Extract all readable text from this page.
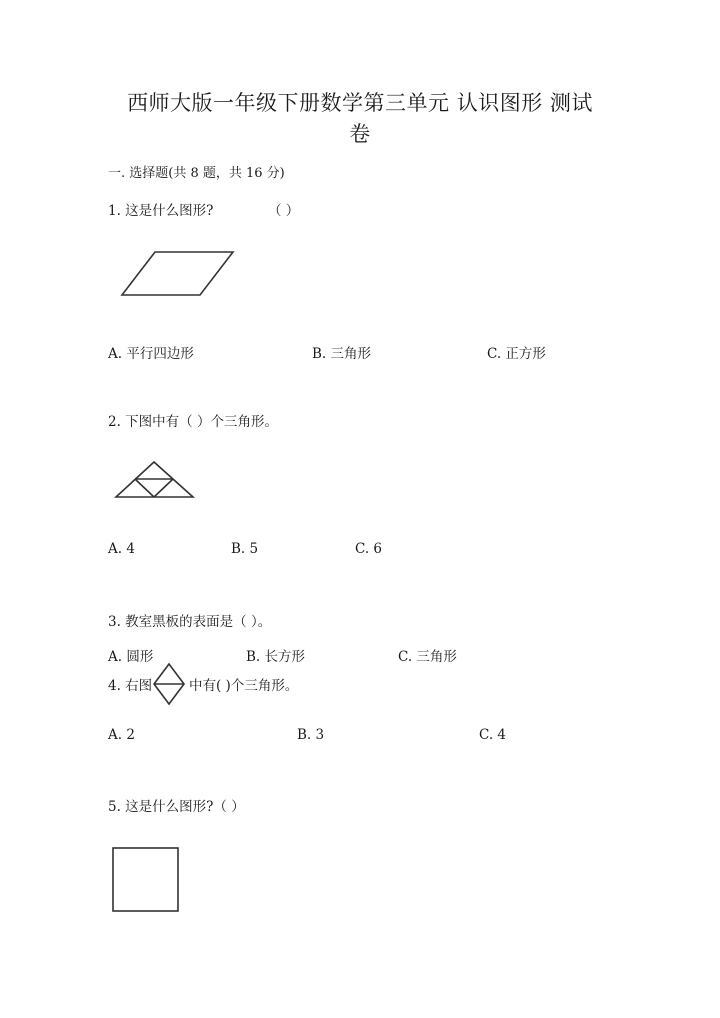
西师大版一年级下册数学第三单元 认识图形 测试
卷
一. 选择题(共 8 题，共 16 分)
1. 这是什么图形?	（ ）
A. 平行四边形	B. 三角形	C. 正方形
2. 下图中有（ ）个三角形。
A. 4	B. 5	C. 6
3. 教室黑板的表面是（ ）。
A. 圆形	B. 长方形	C. 三角形
4. 右图	中有( )个三角形。
A. 2	B. 3	C. 4
5. 这是什么图形?（ ）
